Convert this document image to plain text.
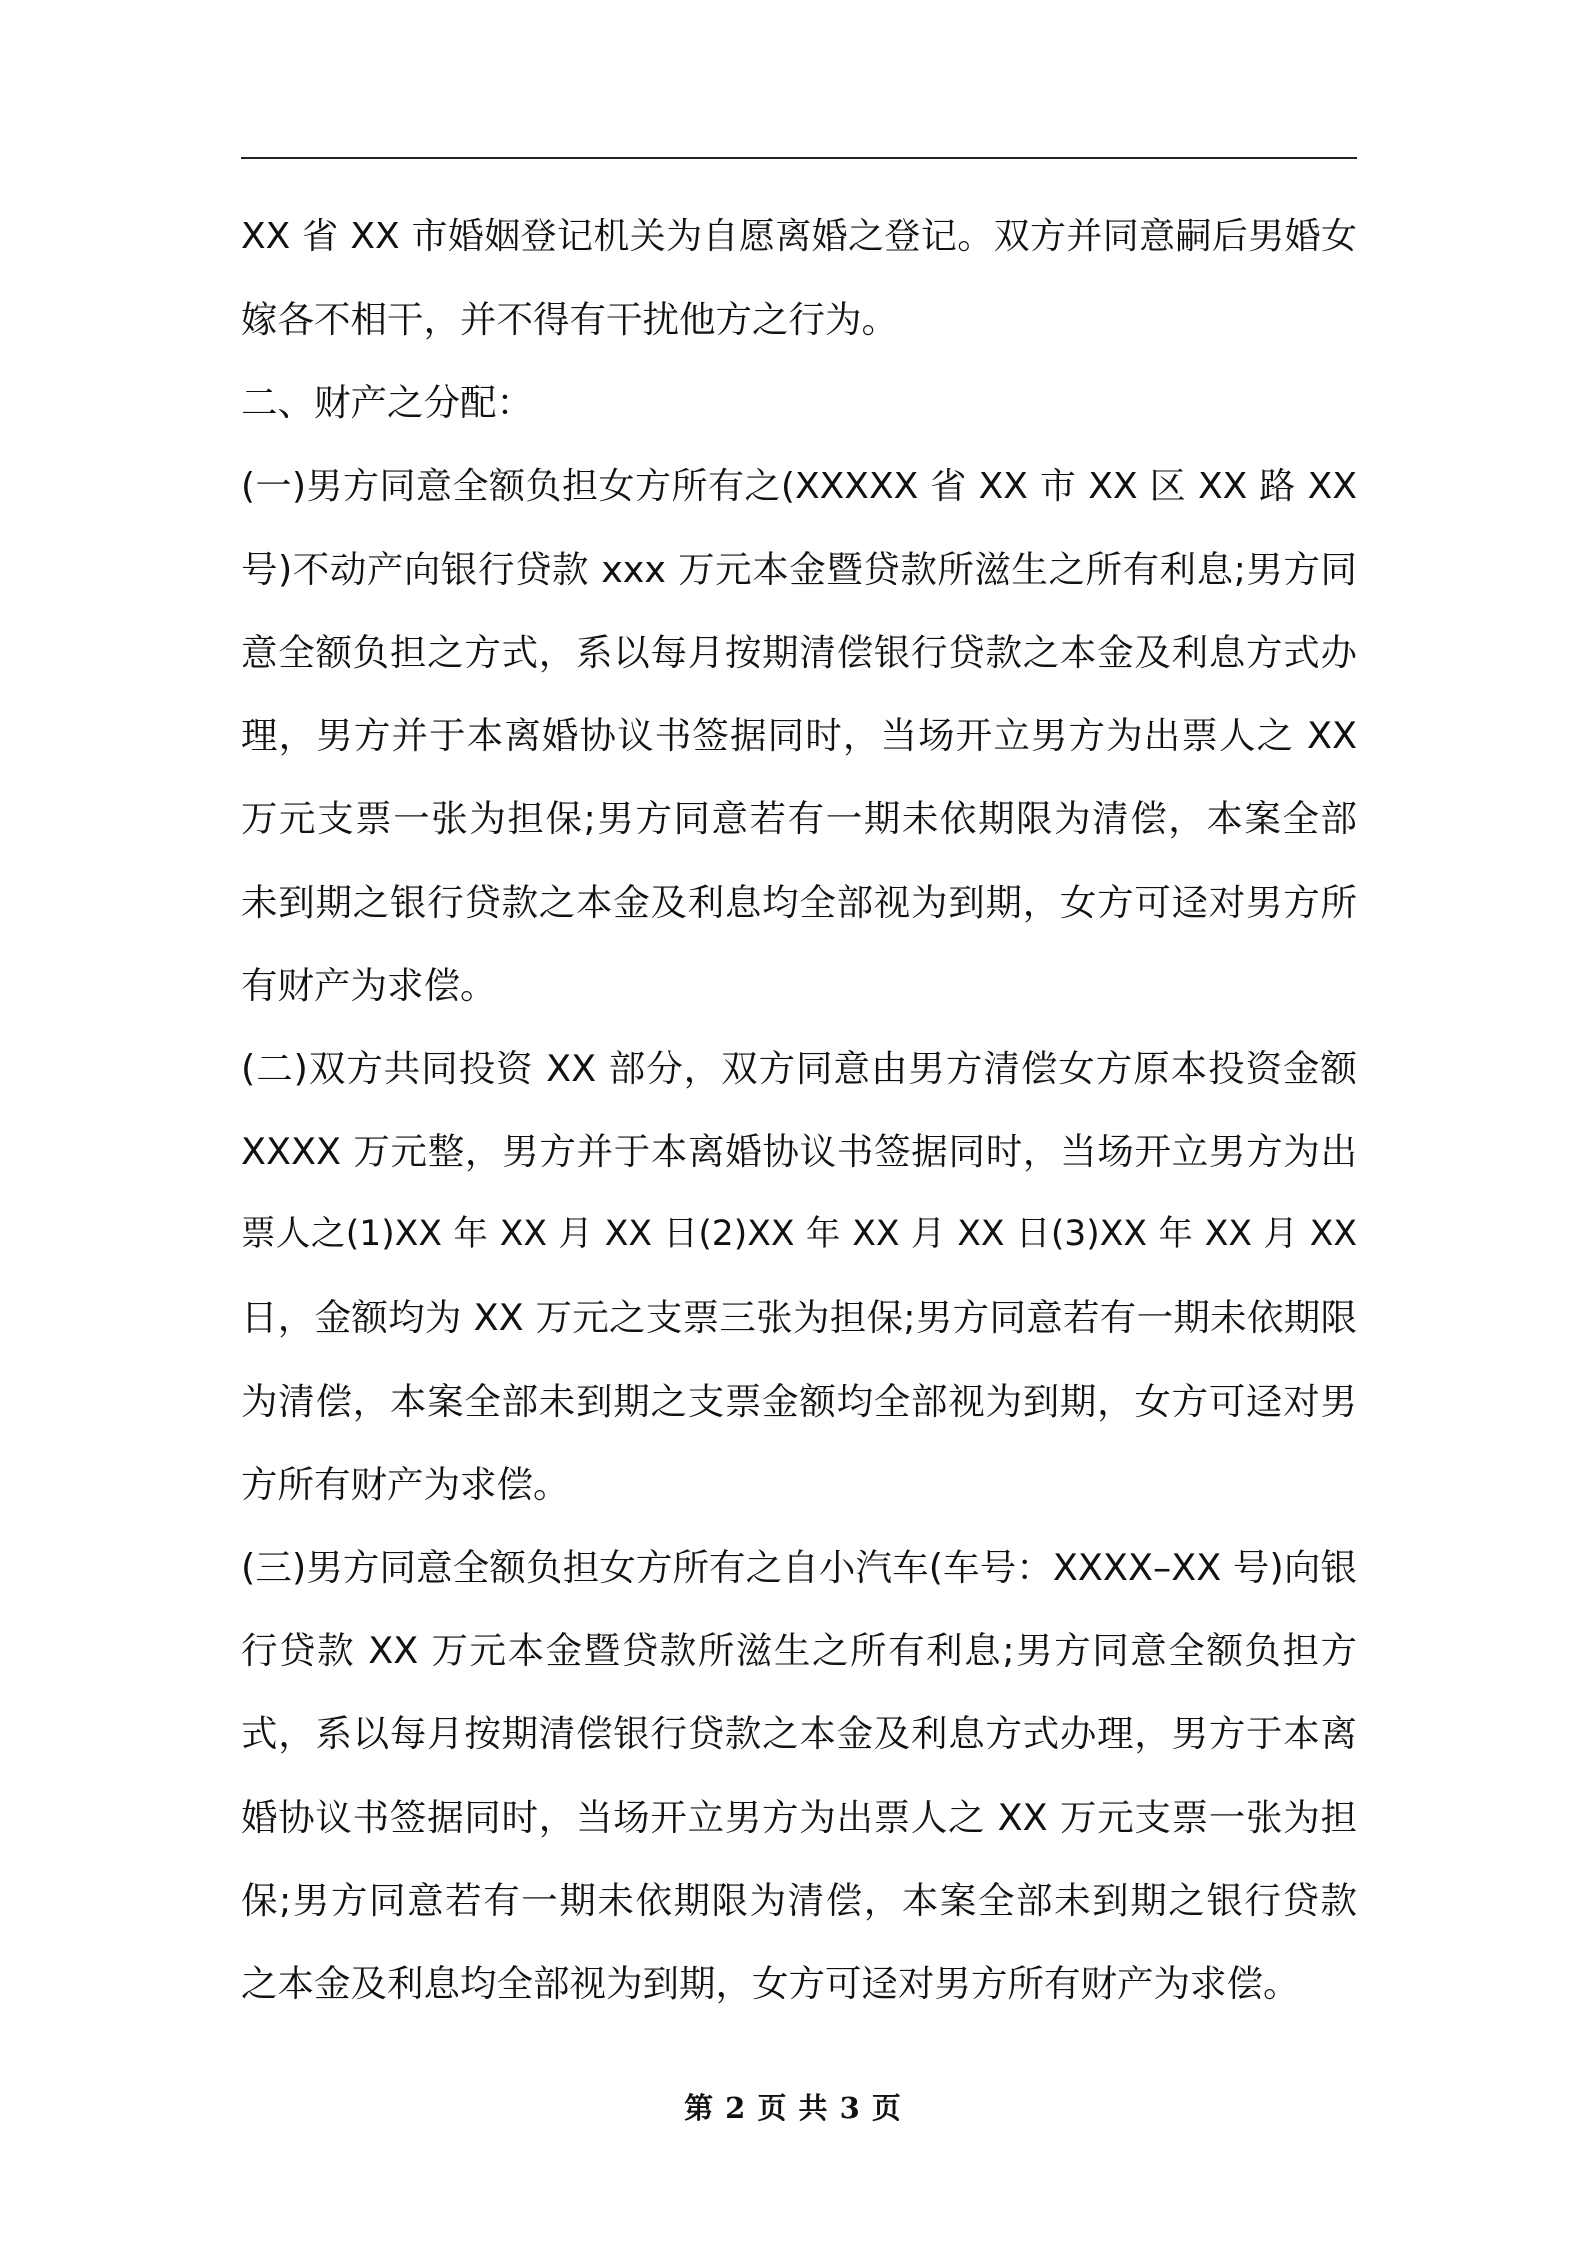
XX 省 XX 市婚姻登记机关为自愿离婚之登记。双方并同意嗣后男婚女
嫁各不相干，并不得有干扰他方之行为。
二、财产之分配：
(一)男方同意全额负担女方所有之(XXXXX 省 XX 市 XX 区 XX 路 XX
号)不动产向银行贷款 xxx 万元本金暨贷款所滋生之所有利息;男方同
意全额负担之方式，系以每月按期清偿银行贷款之本金及利息方式办
理，男方并于本离婚协议书签据同时，当场开立男方为出票人之 XX
万元支票一张为担保;男方同意若有一期未依期限为清偿，本案全部
未到期之银行贷款之本金及利息均全部视为到期，女方可迳对男方所
有财产为求偿。
(二)双方共同投资 XX 部分，双方同意由男方清偿女方原本投资金额
XXXX 万元整，男方并于本离婚协议书签据同时，当场开立男方为出
票人之(1)XX 年 XX 月 XX 日(2)XX 年 XX 月 XX 日(3)XX 年 XX 月 XX
日，金额均为 XX 万元之支票三张为担保;男方同意若有一期未依期限
为清偿，本案全部未到期之支票金额均全部视为到期，女方可迳对男
方所有财产为求偿。
(三)男方同意全额负担女方所有之自小汽车(车号：XXXX–XX 号)向银
行贷款 XX 万元本金暨贷款所滋生之所有利息;男方同意全额负担方
式，系以每月按期清偿银行贷款之本金及利息方式办理，男方于本离
婚协议书签据同时，当场开立男方为出票人之 XX 万元支票一张为担
保;男方同意若有一期未依期限为清偿，本案全部未到期之银行贷款
之本金及利息均全部视为到期，女方可迳对男方所有财产为求偿。
第 2 页 共 3 页
